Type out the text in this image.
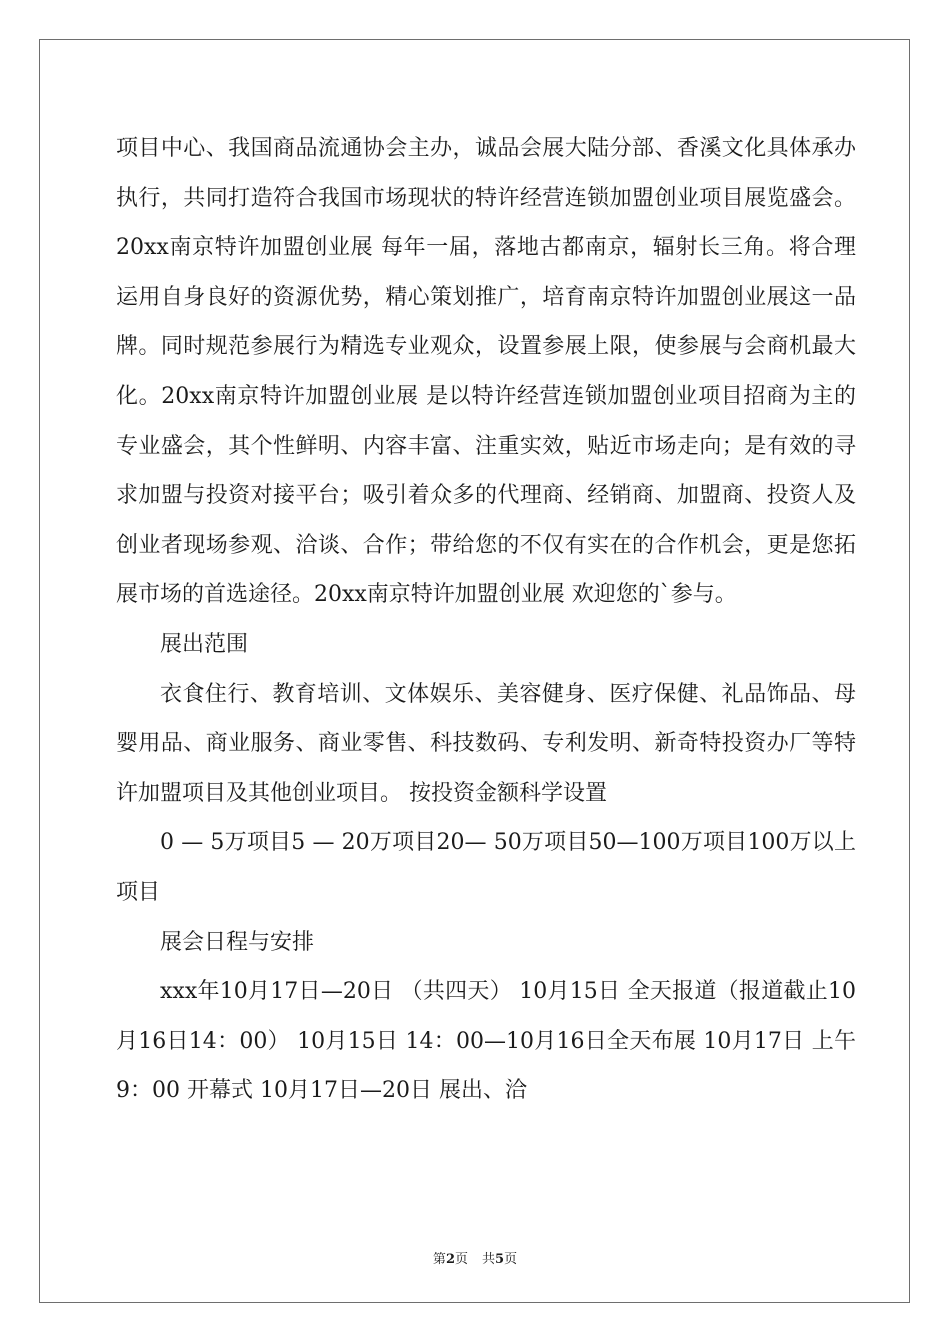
项目中心、我国商品流通协会主办，诚品会展大陆分部、香溪文化具体承办执行，共同打造符合我国市场现状的特许经营连锁加盟创业项目展览盛会。 20xx南京特许加盟创业展 每年一届，落地古都南京，辐射长三角。将合理运用自身良好的资源优势，精心策划推广，培育南京特许加盟创业展这一品牌。同时规范参展行为精选专业观众，设置参展上限，使参展与会商机最大化。20xx南京特许加盟创业展 是以特许经营连锁加盟创业项目招商为主的专业盛会，其个性鲜明、内容丰富、注重实效，贴近市场走向；是有效的寻求加盟与投资对接平台；吸引着众多的代理商、经销商、加盟商、投资人及创业者现场参观、洽谈、合作；带给您的不仅有实在的合作机会，更是您拓展市场的首选途径。20xx南京特许加盟创业展 欢迎您的`参与。

展出范围

衣食住行、教育培训、文体娱乐、美容健身、医疗保健、礼品饰品、母婴用品、商业服务、商业零售、科技数码、专利发明、新奇特投资办厂等特许加盟项目及其他创业项目。 按投资金额科学设置

0 — 5万项目5 — 20万项目20— 50万项目50—100万项目100万以上项目

展会日程与安排

xxx年10月17日—20日 （共四天） 10月15日 全天报道（报道截止10月16日14：00） 10月15日 14：00—10月16日全天布展 10月17日 上午9：00 开幕式 10月17日—20日 展出、洽

第2页 共5页
